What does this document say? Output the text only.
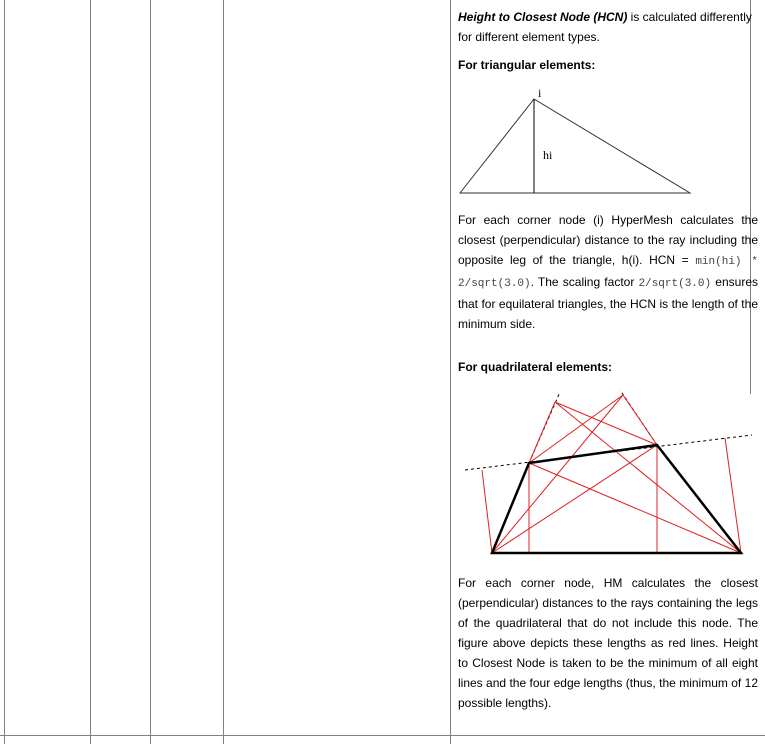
Height to Closest Node (HCN) is calculated differently for different element types.

For triangular elements:
i
hi

For each corner node (i) HyperMesh calculates the closest (perpendicular) distance to the ray including the opposite leg of the triangle, h(i). HCN = min(hi) * 2/sqrt(3.0). The scaling factor 2/sqrt(3.0) ensures that for equilateral triangles, the HCN is the length of the minimum side.

For quadrilateral elements:

For each corner node, HM calculates the closest (perpendicular) distances to the rays containing the legs of the quadrilateral that do not include this node. The figure above depicts these lengths as red lines. Height to Closest Node is taken to be the minimum of all eight lines and the four edge lengths (thus, the minimum of 12 possible lengths).
